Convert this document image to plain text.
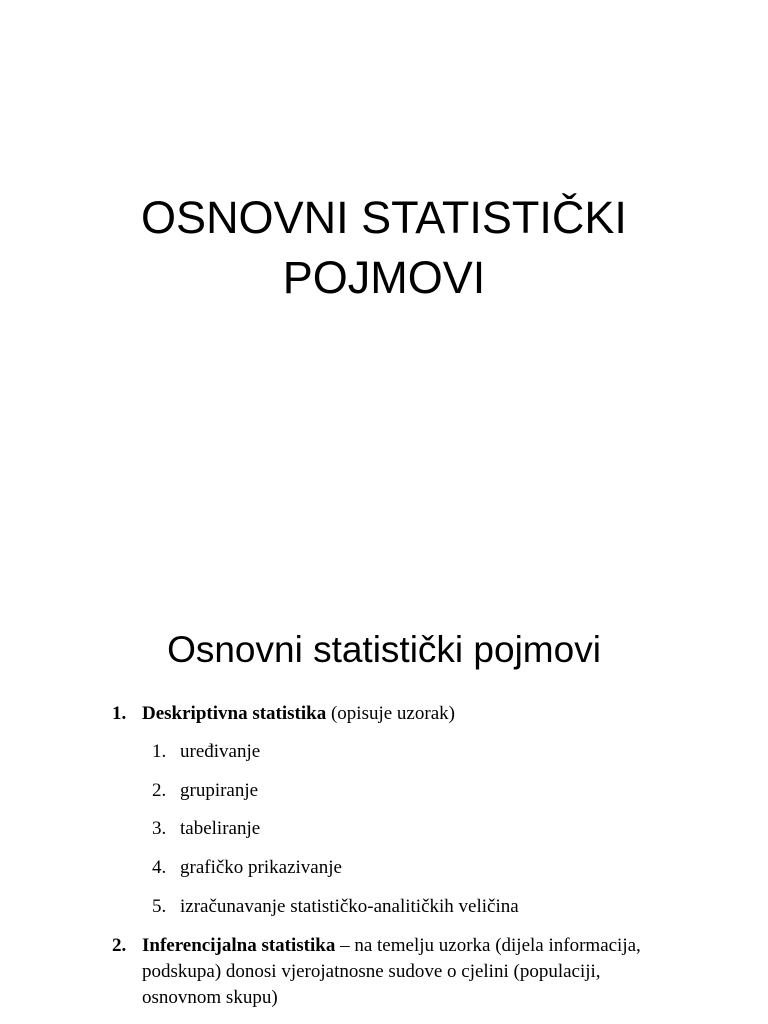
OSNOVNI STATISTIČKI
POJMOVI
Osnovni statistički pojmovi
1. Deskriptivna statistika (opisuje uzorak)
1. uređivanje
2. grupiranje
3. tabeliranje
4. grafičko prikazivanje
5. izračunavanje statističko-analitičkih veličina
2. Inferencijalna statistika – na temelju uzorka (dijela informacija, podskupa) donosi vjerojatnosne sudove o cjelini (populaciji, osnovnom skupu)
